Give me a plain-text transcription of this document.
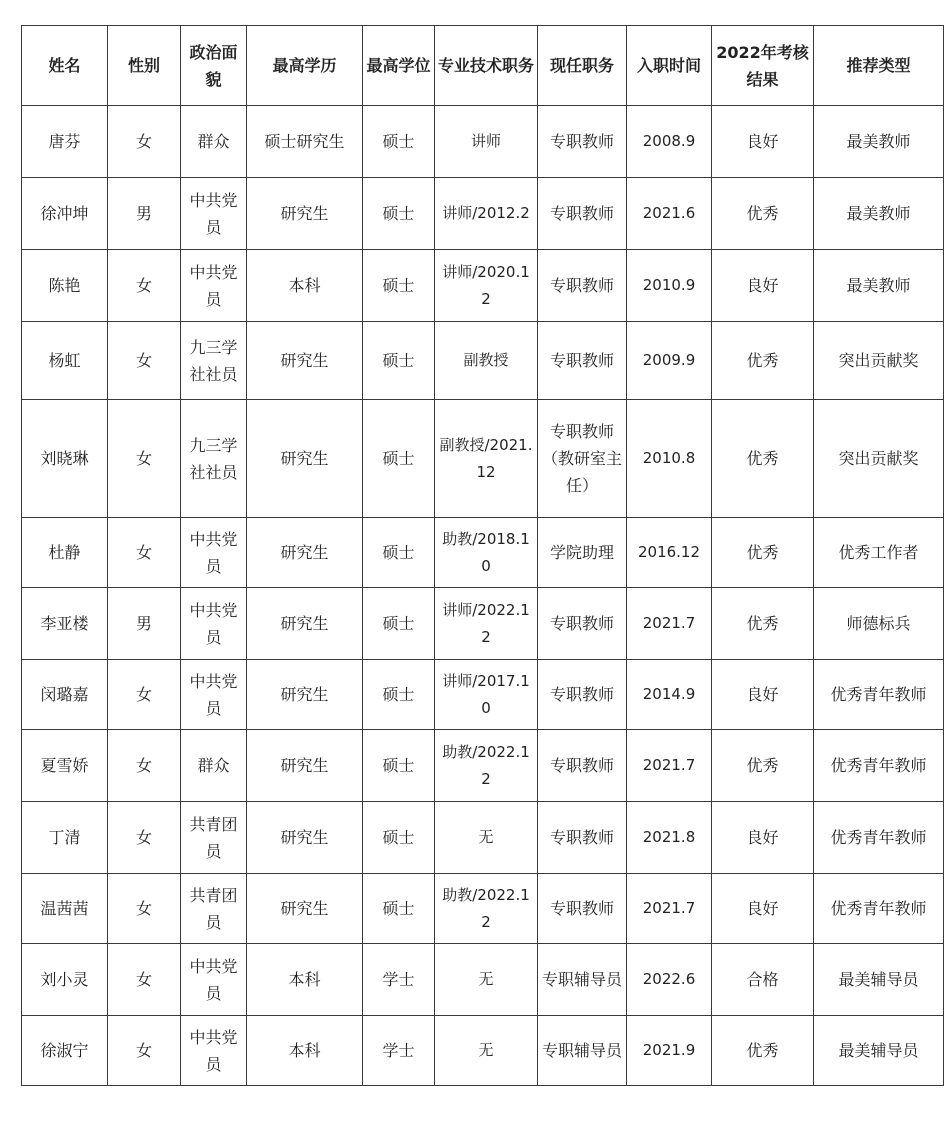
姓名	性别	政治面貌	最高学历	最高学位	专业技术职务	现任职务	入职时间	2022年考核结果	推荐类型
唐芬	女	群众	硕士研究生	硕士	讲师	专职教师	2008.9	良好	最美教师
徐冲坤	男	中共党员	研究生	硕士	讲师/2012.2	专职教师	2021.6	优秀	最美教师
陈艳	女	中共党员	本科	硕士	讲师/2020.12	专职教师	2010.9	良好	最美教师
杨虹	女	九三学社社员	研究生	硕士	副教授	专职教师	2009.9	优秀	突出贡献奖
刘晓琳	女	九三学社社员	研究生	硕士	副教授/2021.12	专职教师（教研室主任）	2010.8	优秀	突出贡献奖
杜静	女	中共党员	研究生	硕士	助教/2018.10	学院助理	2016.12	优秀	优秀工作者
李亚楼	男	中共党员	研究生	硕士	讲师/2022.12	专职教师	2021.7	优秀	师德标兵
闵璐嘉	女	中共党员	研究生	硕士	讲师/2017.10	专职教师	2014.9	良好	优秀青年教师
夏雪娇	女	群众	研究生	硕士	助教/2022.12	专职教师	2021.7	优秀	优秀青年教师
丁清	女	共青团员	研究生	硕士	无	专职教师	2021.8	良好	优秀青年教师
温茜茜	女	共青团员	研究生	硕士	助教/2022.12	专职教师	2021.7	良好	优秀青年教师
刘小灵	女	中共党员	本科	学士	无	专职辅导员	2022.6	合格	最美辅导员
徐淑宁	女	中共党员	本科	学士	无	专职辅导员	2021.9	优秀	最美辅导员
